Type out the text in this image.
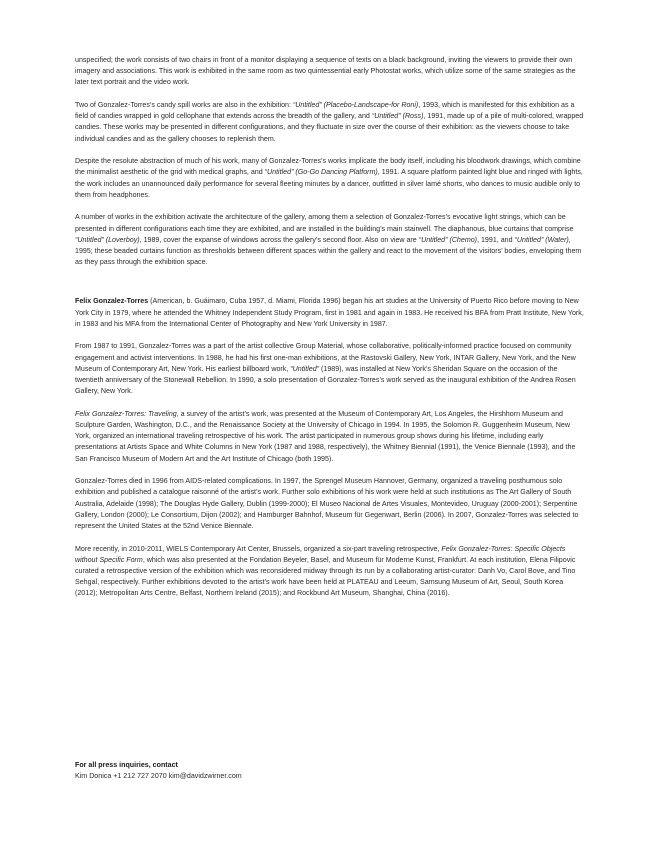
unspecified; the work consists of two chairs in front of a monitor displaying a sequence of texts on a black background, inviting the viewers to provide their own imagery and associations. This work is exhibited in the same room as two quintessential early Photostat works, which utilize some of the same strategies as the later text portrait and the video work.

Two of Gonzalez-Torres’s candy spill works are also in the exhibition: “Untitled” (Placebo-Landscape-for Roni), 1993, which is manifested for this exhibition as a field of candies wrapped in gold cellophane that extends across the breadth of the gallery, and “Untitled” (Ross), 1991, made up of a pile of multi-colored, wrapped candies. These works may be presented in different configurations, and they fluctuate in size over the course of their exhibition: as the viewers choose to take individual candies and as the gallery chooses to replenish them.

Despite the resolute abstraction of much of his work, many of Gonzalez-Torres’s works implicate the body itself, including his bloodwork drawings, which combine the minimalist aesthetic of the grid with medical graphs, and “Untitled” (Go-Go Dancing Platform), 1991. A square platform painted light blue and ringed with lights, the work includes an unannounced daily performance for several fleeting minutes by a dancer, outfitted in silver lamé shorts, who dances to music audible only to them from headphones.

A number of works in the exhibition activate the architecture of the gallery, among them a selection of Gonzalez-Torres’s evocative light strings, which can be presented in different configurations each time they are exhibited, and are installed in the building’s main stairwell. The diaphanous, blue curtains that comprise “Untitled” (Loverboy), 1989, cover the expanse of windows across the gallery’s second floor. Also on view are “Untitled” (Chemo), 1991, and “Untitled” (Water), 1995; these beaded curtains function as thresholds between different spaces within the gallery and react to the movement of the visitors’ bodies, enveloping them as they pass through the exhibition space.

Felix Gonzalez-Torres (American, b. Guáimaro, Cuba 1957, d. Miami, Florida 1996) began his art studies at the University of Puerto Rico before moving to New York City in 1979, where he attended the Whitney Independent Study Program, first in 1981 and again in 1983. He received his BFA from Pratt Institute, New York, in 1983 and his MFA from the International Center of Photography and New York University in 1987.

From 1987 to 1991, Gonzalez-Torres was a part of the artist collective Group Material, whose collaborative, politically-informed practice focused on community engagement and activist interventions. In 1988, he had his first one-man exhibitions, at the Rastovski Gallery, New York, INTAR Gallery, New York, and the New Museum of Contemporary Art, New York. His earliest billboard work, “Untitled” (1989), was installed at New York’s Sheridan Square on the occasion of the twentieth anniversary of the Stonewall Rebellion. In 1990, a solo presentation of Gonzalez-Torres’s work served as the inaugural exhibition of the Andrea Rosen Gallery, New York.

Felix Gonzalez-Torres: Traveling, a survey of the artist’s work, was presented at the Museum of Contemporary Art, Los Angeles, the Hirshhorn Museum and Sculpture Garden, Washington, D.C., and the Renaissance Society at the University of Chicago in 1994. In 1995, the Solomon R. Guggenheim Museum, New York, organized an international traveling retrospective of his work. The artist participated in numerous group shows during his lifetime, including early presentations at Artists Space and White Columns in New York (1987 and 1988, respectively), the Whitney Biennial (1991), the Venice Biennale (1993), and the San Francisco Museum of Modern Art and the Art Institute of Chicago (both 1995).

Gonzalez-Torres died in 1996 from AIDS-related complications. In 1997, the Sprengel Museum Hannover, Germany, organized a traveling posthumous solo exhibition and published a catalogue raisonné of the artist’s work. Further solo exhibitions of his work were held at such institutions as The Art Gallery of South Australia, Adelaide (1998); The Douglas Hyde Gallery, Dublin (1999-2000); El Museo Nacional de Artes Visuales, Montevideo, Uruguay (2000-2001); Serpentine Gallery, London (2000); Le Consortium, Dijon (2002); and Hamburger Bahnhof, Museum für Gegenwart, Berlin (2006). In 2007, Gonzalez-Torres was selected to represent the United States at the 52nd Venice Biennale.

More recently, in 2010-2011, WIELS Contemporary Art Center, Brussels, organized a six-part traveling retrospective, Felix Gonzalez-Torres: Specific Objects without Specific Form, which was also presented at the Fondation Beyeler, Basel, and Museum für Moderne Kunst, Frankfurt. At each institution, Elena Filipovic curated a retrospective version of the exhibition which was reconsidered midway through its run by a collaborating artist-curator: Danh Vo, Carol Bove, and Tino Sehgal, respectively. Further exhibitions devoted to the artist’s work have been held at PLATEAU and Leeum, Samsung Museum of Art, Seoul, South Korea (2012); Metropolitan Arts Centre, Belfast, Northern Ireland (2015); and Rockbund Art Museum, Shanghai, China (2016).

For all press inquiries, contact
Kim Donica +1 212 727 2070 kim@davidzwirner.com
